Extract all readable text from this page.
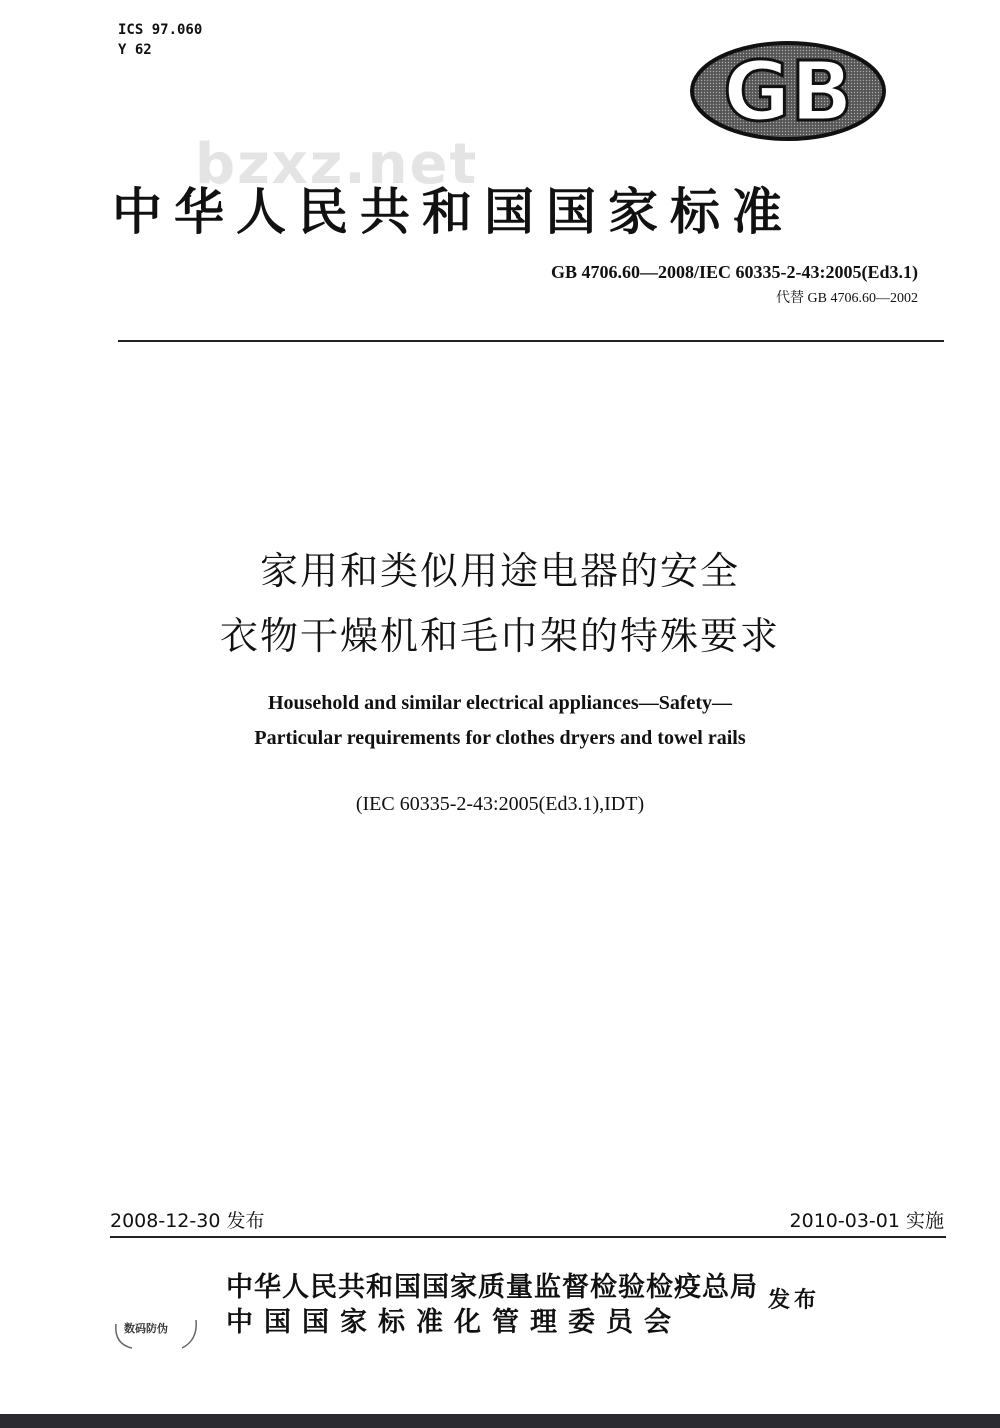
ICS 97.060
Y 62	GB
bzxz.net
中华人民共和国国家标准
GB 4706.60—2008/IEC 60335-2-43:2005(Ed3.1)
代替 GB 4706.60—2002
家用和类似用途电器的安全
衣物干燥机和毛巾架的特殊要求
Household and similar electrical appliances—Safety—
Particular requirements for clothes dryers and towel rails
(IEC 60335-2-43:2005(Ed3.1),IDT)
2008-12-30 发布	2010-03-01 实施
中华人民共和国国家质量监督检验检疫总局
中国国家标准化管理委员会
发布
数码防伪
